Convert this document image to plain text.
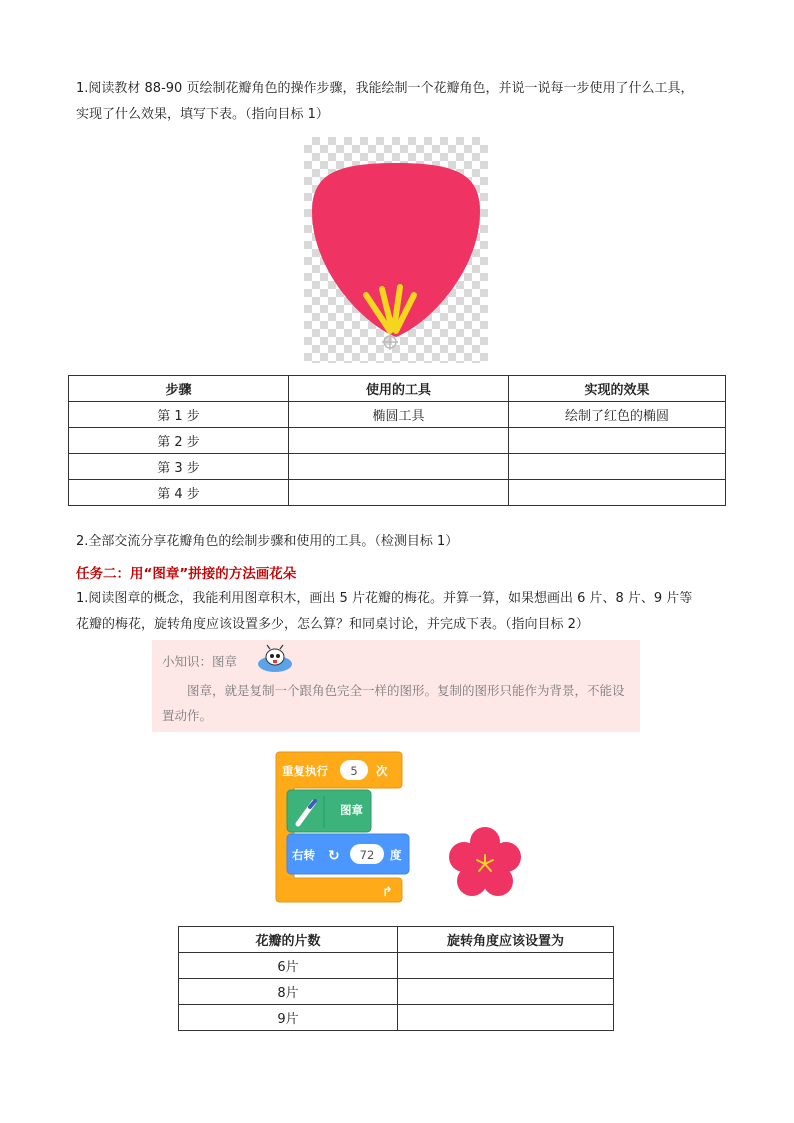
1.阅读教材 88-90 页绘制花瓣角色的操作步骤，我能绘制一个花瓣角色，并说一说每一步使用了什么工具，
实现了什么效果，填写下表。（指向目标 1）
步骤	使用的工具	实现的效果
第 1 步	椭圆工具	绘制了红色的椭圆
第 2 步		
第 3 步		
第 4 步		
2.全部交流分享花瓣角色的绘制步骤和使用的工具。（检测目标 1）
任务二：用“图章”拼接的方法画花朵
1.阅读图章的概念，我能利用图章积木，画出 5 片花瓣的梅花。并算一算，如果想画出 6 片、8 片、9 片等
花瓣的梅花，旋转角度应该设置多少，怎么算？和同桌讨论，并完成下表。（指向目标 2）
小知识：图章
图章，就是复制一个跟角色完全一样的图形。复制的图形只能作为背景，不能设置动作。
重复执行 5 次
图章
右转 ↻ 72 度
↱
花瓣的片数	旋转角度应该设置为
6片	
8片	
9片	
